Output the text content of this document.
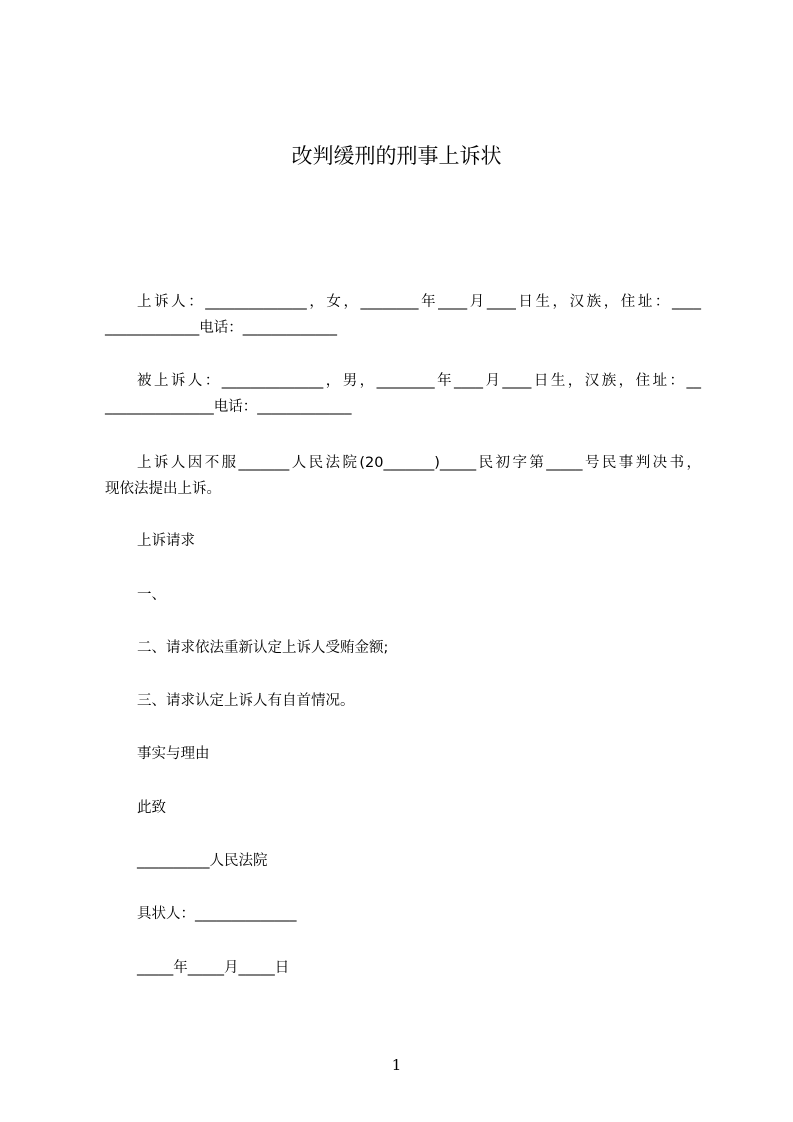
改判缓刑的刑事上诉状
上诉人：______________，女，________年____月____日生，汉族，住址：____
_____________电话：_____________
被上诉人：______________，男，________年____月____日生，汉族，住址：__
_______________电话：_____________
上诉人因不服_______人民法院(20_______)_____民初字第_____号民事判决书，
现依法提出上诉。
上诉请求
一、
二、请求依法重新认定上诉人受贿金额;
三、请求认定上诉人有自首情况。
事实与理由
此致
__________人民法院
具状人：______________
_____年_____月_____日
1
